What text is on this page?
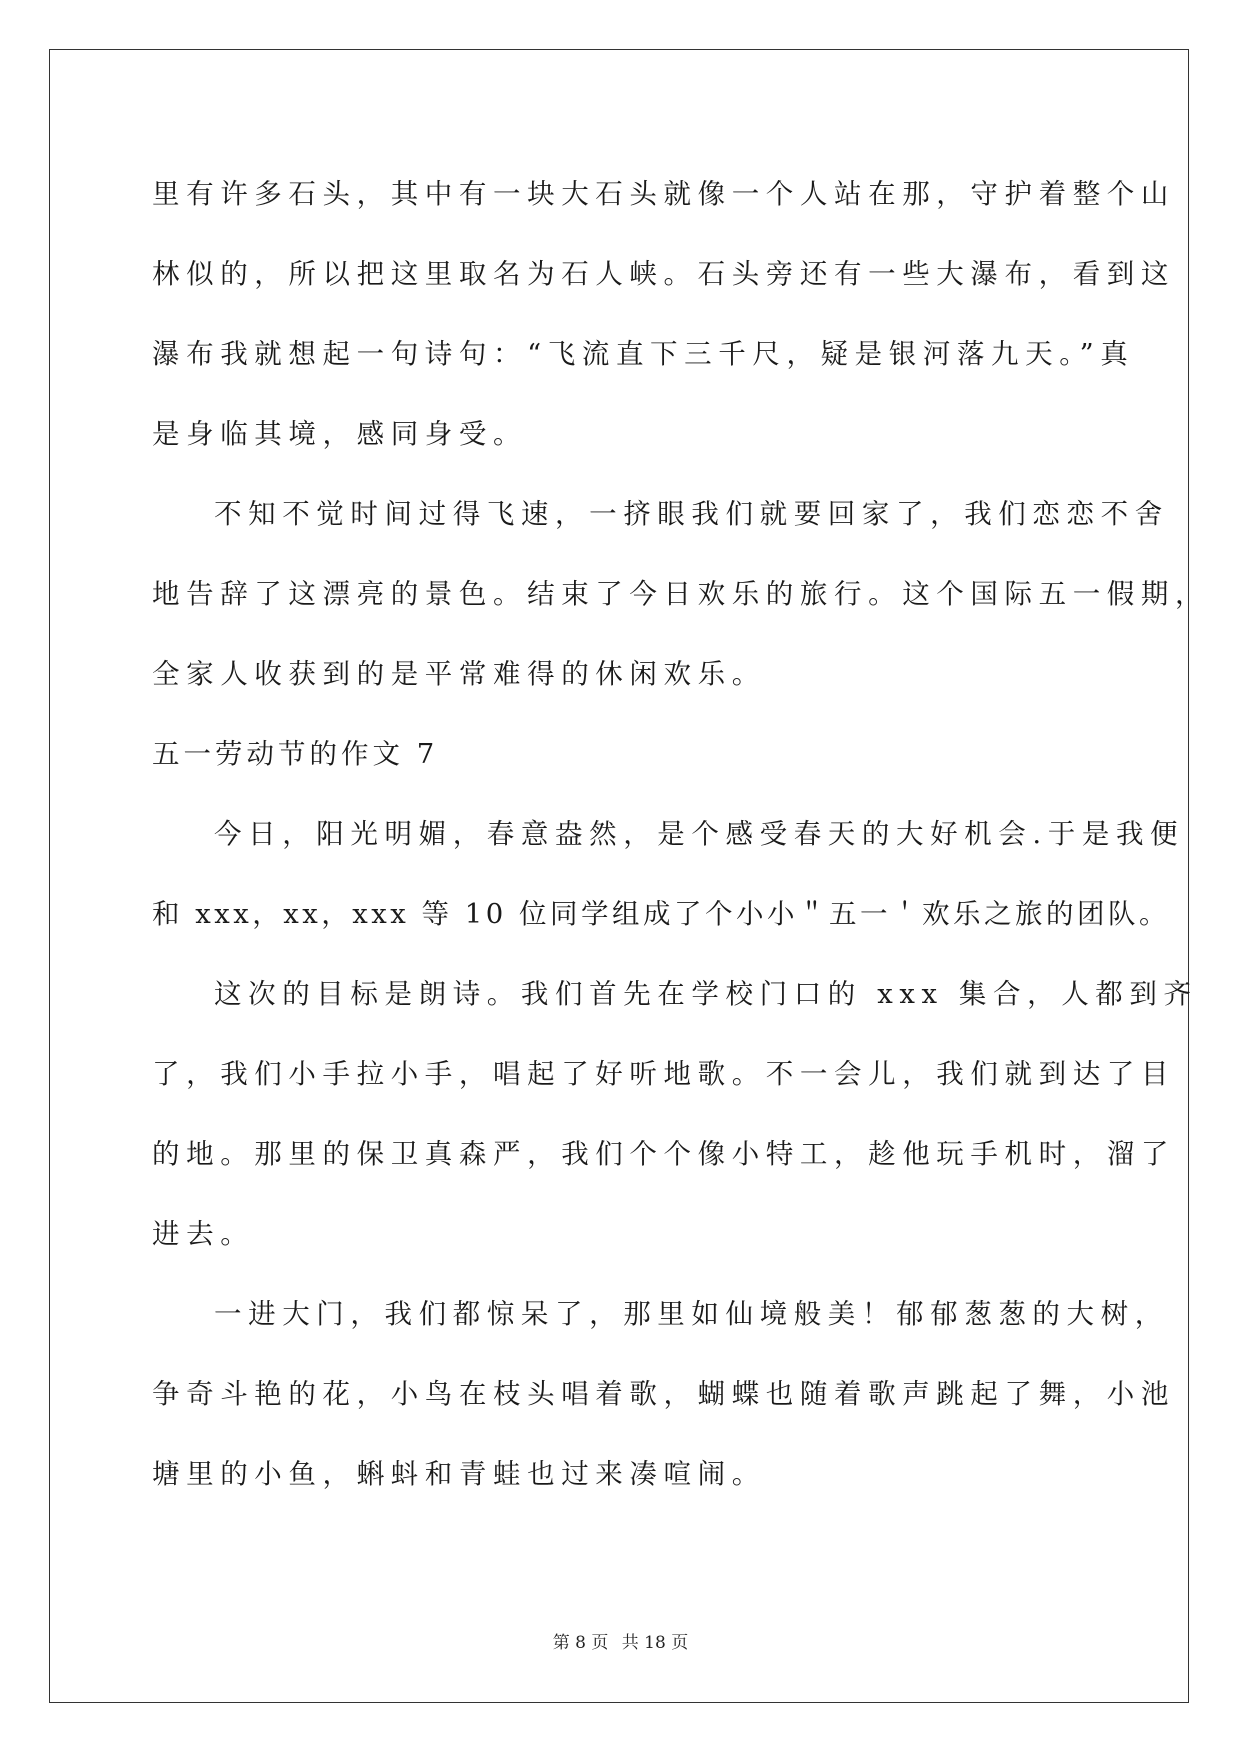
里有许多石头，其中有一块大石头就像一个人站在那，守护着整个山
林似的，所以把这里取名为石人峡。石头旁还有一些大瀑布，看到这
瀑布我就想起一句诗句：“飞流直下三千尺，疑是银河落九天。”真
是身临其境，感同身受。
不知不觉时间过得飞速，一挤眼我们就要回家了，我们恋恋不舍
地告辞了这漂亮的景色。结束了今日欢乐的旅行。这个国际五一假期，
全家人收获到的是平常难得的休闲欢乐。
五一劳动节的作文 7
今日，阳光明媚，春意盎然，是个感受春天的大好机会.于是我便
和 xxx，xx，xxx 等 10 位同学组成了个小小＂五一＇欢乐之旅的团队。
这次的目标是朗诗。我们首先在学校门口的 xxx 集合，人都到齐
了，我们小手拉小手，唱起了好听地歌。不一会儿，我们就到达了目
的地。那里的保卫真森严，我们个个像小特工，趁他玩手机时，溜了
进去。
一进大门，我们都惊呆了，那里如仙境般美！郁郁葱葱的大树，
争奇斗艳的花，小鸟在枝头唱着歌，蝴蝶也随着歌声跳起了舞，小池
塘里的小鱼，蝌蚪和青蛙也过来凑喧闹。
第 8 页 共 18 页
